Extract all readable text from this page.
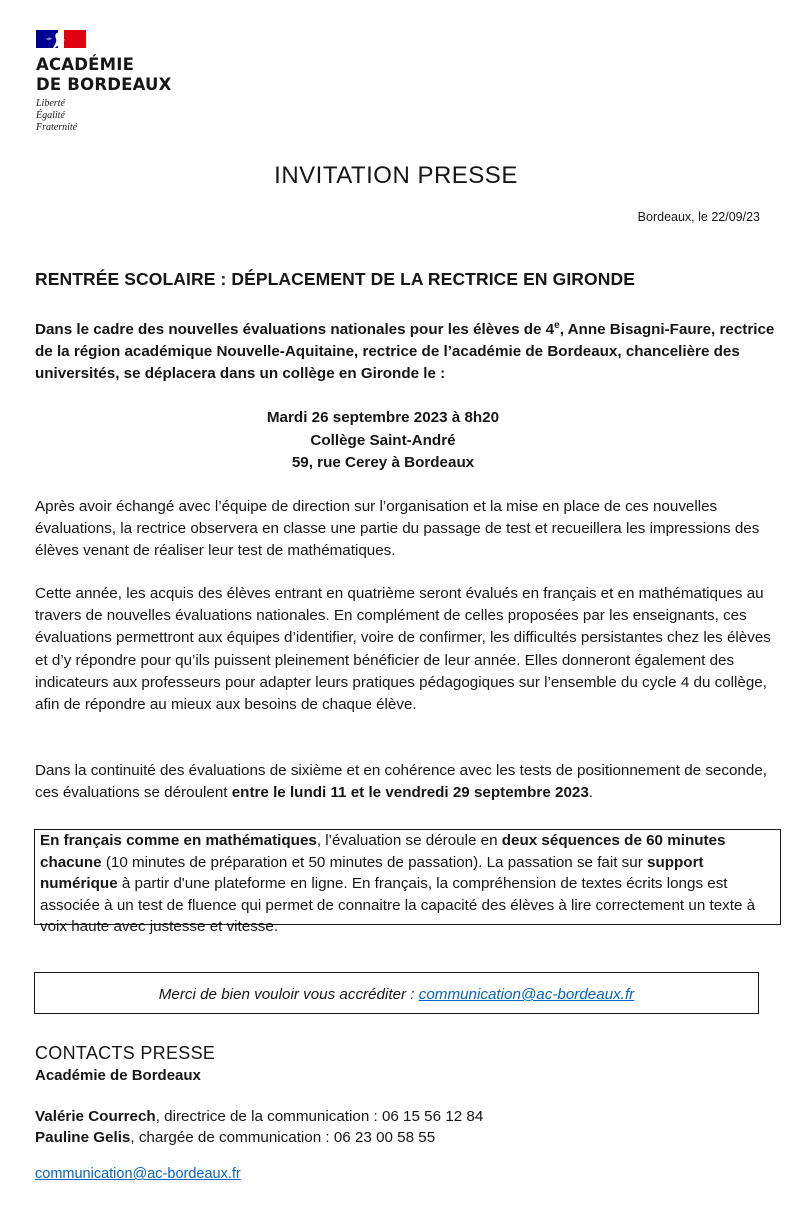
ACADÉMIE
DE BORDEAUX
Liberté
Égalité
Fraternité
INVITATION PRESSE
Bordeaux, le 22/09/23
RENTRÉE SCOLAIRE : DÉPLACEMENT DE LA RECTRICE EN GIRONDE
Dans le cadre des nouvelles évaluations nationales pour les élèves de 4e, Anne Bisagni-Faure, rectrice de la région académique Nouvelle-Aquitaine, rectrice de l’académie de Bordeaux, chancelière des universités, se déplacera dans un collège en Gironde le :
Mardi 26 septembre 2023 à 8h20
Collège Saint-André
59, rue Cerey à Bordeaux
Après avoir échangé avec l’équipe de direction sur l’organisation et la mise en place de ces nouvelles évaluations, la rectrice observera en classe une partie du passage de test et recueillera les impressions des élèves venant de réaliser leur test de mathématiques.
Cette année, les acquis des élèves entrant en quatrième seront évalués en français et en mathématiques au travers de nouvelles évaluations nationales. En complément de celles proposées par les enseignants, ces évaluations permettront aux équipes d’identifier, voire de confirmer, les difficultés persistantes chez les élèves et d’y répondre pour qu’ils puissent pleinement bénéficier de leur année. Elles donneront également des indicateurs aux professeurs pour adapter leurs pratiques pédagogiques sur l’ensemble du cycle 4 du collège, afin de répondre au mieux aux besoins de chaque élève.
Dans la continuité des évaluations de sixième et en cohérence avec les tests de positionnement de seconde, ces évaluations se déroulent entre le lundi 11 et le vendredi 29 septembre 2023.
En français comme en mathématiques, l’évaluation se déroule en deux séquences de 60 minutes chacune (10 minutes de préparation et 50 minutes de passation). La passation se fait sur support numérique à partir d'une plateforme en ligne. En français, la compréhension de textes écrits longs est associée à un test de fluence qui permet de connaitre la capacité des élèves à lire correctement un texte à voix haute avec justesse et vitesse.
Merci de bien vouloir vous accréditer : communication@ac-bordeaux.fr
CONTACTS PRESSE
Académie de Bordeaux
Valérie Courrech, directrice de la communication : 06 15 56 12 84
Pauline Gelis, chargée de communication : 06 23 00 58 55
communication@ac-bordeaux.fr
